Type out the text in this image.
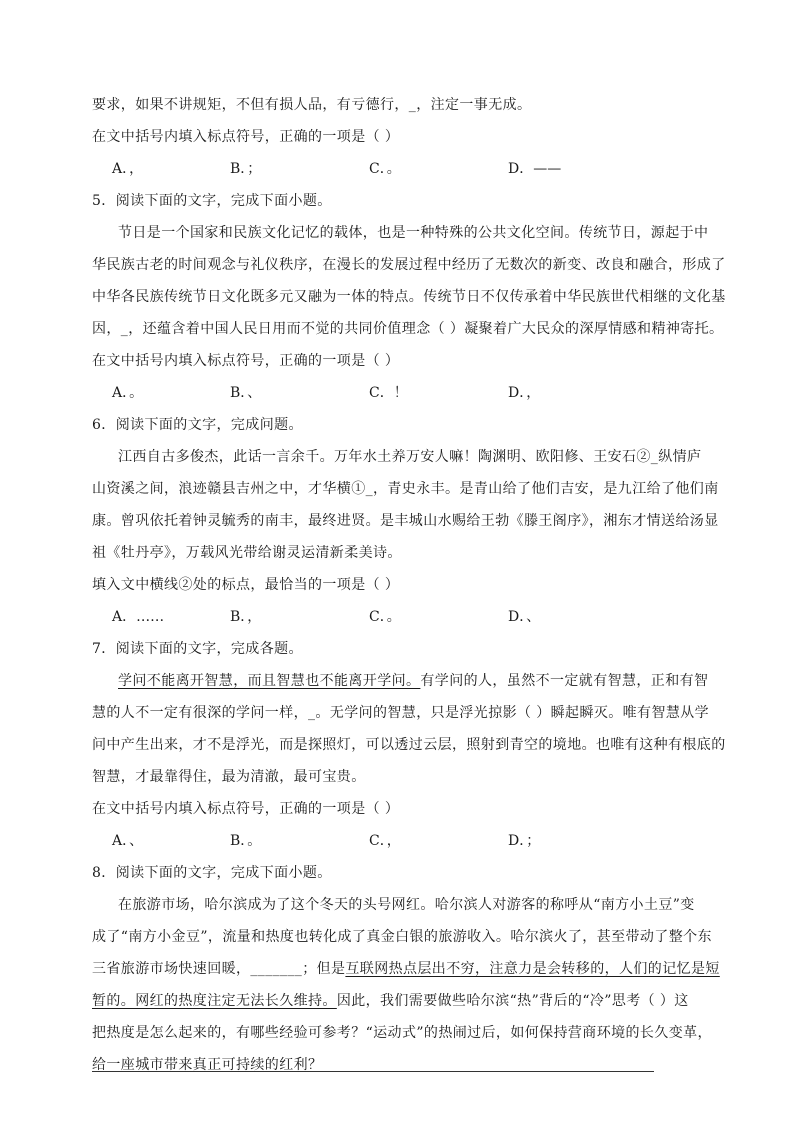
要求，如果不讲规矩，不但有损人品，有亏德行，_，注定一事无成。
在文中括号内填入标点符号，正确的一项是（ ）
A．，	B．；	C．。	D．——
5．阅读下面的文字，完成下面小题。
节日是一个国家和民族文化记忆的载体，也是一种特殊的公共文化空间。传统节日，源起于中
华民族古老的时间观念与礼仪秩序，在漫长的发展过程中经历了无数次的新变、改良和融合，形成了
中华各民族传统节日文化既多元又融为一体的特点。传统节日不仅传承着中华民族世代相继的文化基
因，_，还蕴含着中国人民日用而不觉的共同价值理念（ ）凝聚着广大民众的深厚情感和精神寄托。
在文中括号内填入标点符号，正确的一项是（ ）
A．。	B．、	C．！	D．，
6．阅读下面的文字，完成问题。
江西自古多俊杰，此话一言余千。万年水土养万安人嘛！陶渊明、欧阳修、王安石②_纵情庐
山资溪之间，浪迹赣县吉州之中，才华横①_，青史永丰。是青山给了他们吉安，是九江给了他们南
康。曾巩依托着钟灵毓秀的南丰，最终进贤。是丰城山水赐给王勃《滕王阁序》，湘东才情送给汤显
祖《牡丹亭》，万载风光带给谢灵运清新柔美诗。
填入文中横线②处的标点，最恰当的一项是（ ）
A．……	B．，	C．。	D．、
7．阅读下面的文字，完成各题。
学问不能离开智慧，而且智慧也不能离开学问。有学问的人，虽然不一定就有智慧，正和有智
慧的人不一定有很深的学问一样，_。无学问的智慧，只是浮光掠影（ ）瞬起瞬灭。唯有智慧从学
问中产生出来，才不是浮光，而是探照灯，可以透过云层，照射到青空的境地。也唯有这种有根底的
智慧，才最靠得住，最为清澈，最可宝贵。
在文中括号内填入标点符号，正确的一项是（ ）
A．、	B．。	C．，	D．；
8．阅读下面的文字，完成下面小题。
在旅游市场，哈尔滨成为了这个冬天的头号网红。哈尔滨人对游客的称呼从“南方小土豆”变
成了“南方小金豆”，流量和热度也转化成了真金白银的旅游收入。哈尔滨火了，甚至带动了整个东
三省旅游市场快速回暖，_______；但是互联网热点层出不穷，注意力是会转移的，人们的记忆是短
暂的。网红的热度注定无法长久维持。因此，我们需要做些哈尔滨“热”背后的“冷”思考（ ）这
把热度是怎么起来的，有哪些经验可参考？“运动式”的热闹过后，如何保持营商环境的长久变革，
给一座城市带来真正可持续的红利？
